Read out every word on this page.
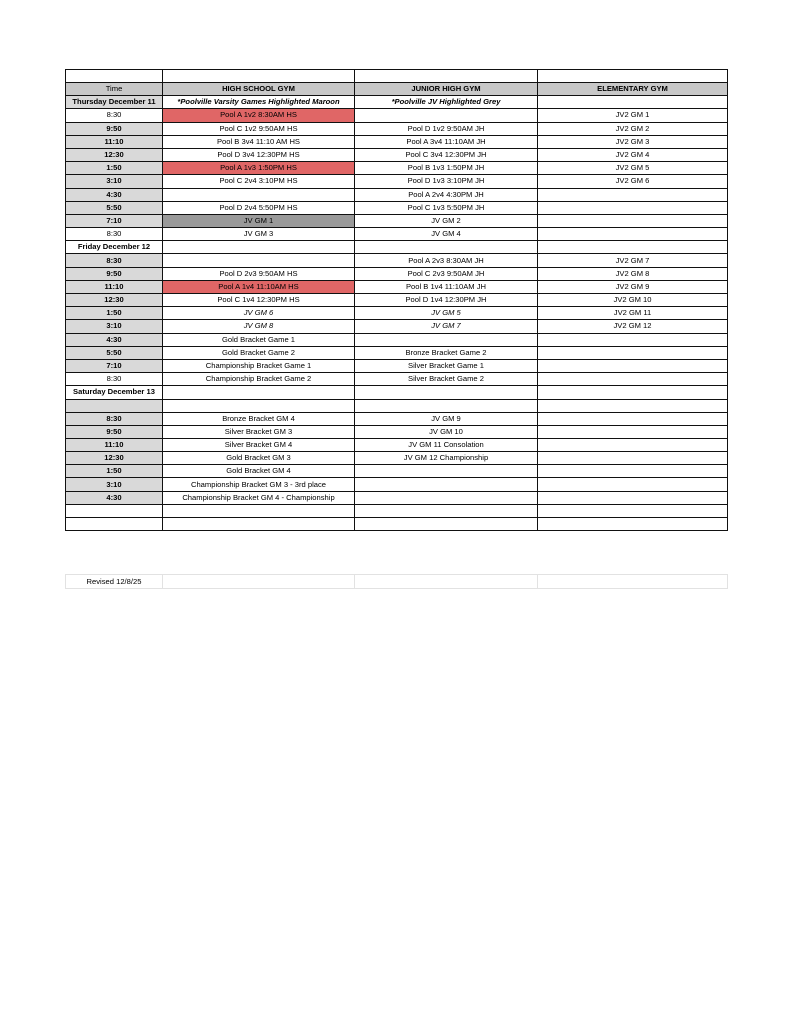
Time	HIGH SCHOOL GYM	JUNIOR HIGH GYM	ELEMENTARY GYM
Thursday December 11	*Poolville Varsity Games Highlighted Maroon	*Poolville JV Highlighted Grey	
8:30	Pool A 1v2 8:30AM HS		JV2 GM 1
9:50	Pool C 1v2 9:50AM HS	Pool D 1v2 9:50AM JH	JV2 GM 2
11:10	Pool B 3v4 11:10 AM HS	Pool A 3v4 11:10AM JH	JV2 GM 3
12:30	Pool D 3v4 12:30PM HS	Pool C 3v4 12:30PM JH	JV2 GM 4
1:50	Pool A 1v3 1:50PM HS	Pool B 1v3 1:50PM JH	JV2 GM 5
3:10	Pool C 2v4 3:10PM HS	Pool D 1v3 3:10PM JH	JV2 GM 6
4:30		Pool A 2v4 4:30PM JH	
5:50	Pool D 2v4 5:50PM HS	Pool C 1v3 5:50PM JH	
7:10	JV GM 1	JV GM 2	
8:30	JV GM 3	JV GM 4	
Friday December 12			
8:30		Pool A 2v3 8:30AM JH	JV2 GM 7
9:50	Pool D 2v3 9:50AM HS	Pool C 2v3 9:50AM JH	JV2 GM 8
11:10	Pool A 1v4 11:10AM HS	Pool B 1v4 11:10AM JH	JV2 GM 9
12:30	Pool C 1v4 12:30PM HS	Pool D 1v4 12:30PM JH	JV2 GM 10
1:50	JV GM 6	JV GM 5	JV2 GM 11
3:10	JV GM 8	JV GM 7	JV2 GM 12
4:30	Gold Bracket Game 1		
5:50	Gold Bracket Game 2	Bronze Bracket Game 2	
7:10	Championship Bracket Game 1	Silver Bracket Game 1	
8:30	Championship Bracket Game 2	Silver Bracket Game 2	
Saturday December 13			

8:30	Bronze Bracket GM 4	JV GM 9	
9:50	Silver Bracket GM 3	JV GM 10	
11:10	Silver Bracket GM 4	JV GM 11 Consolation	
12:30	Gold Bracket GM 3	JV GM 12 Championship	
1:50	Gold Bracket GM 4		
3:10	Championship Bracket GM 3 - 3rd place		
4:30	Championship Bracket GM 4 - Championship		

Revised 12/8/25			
